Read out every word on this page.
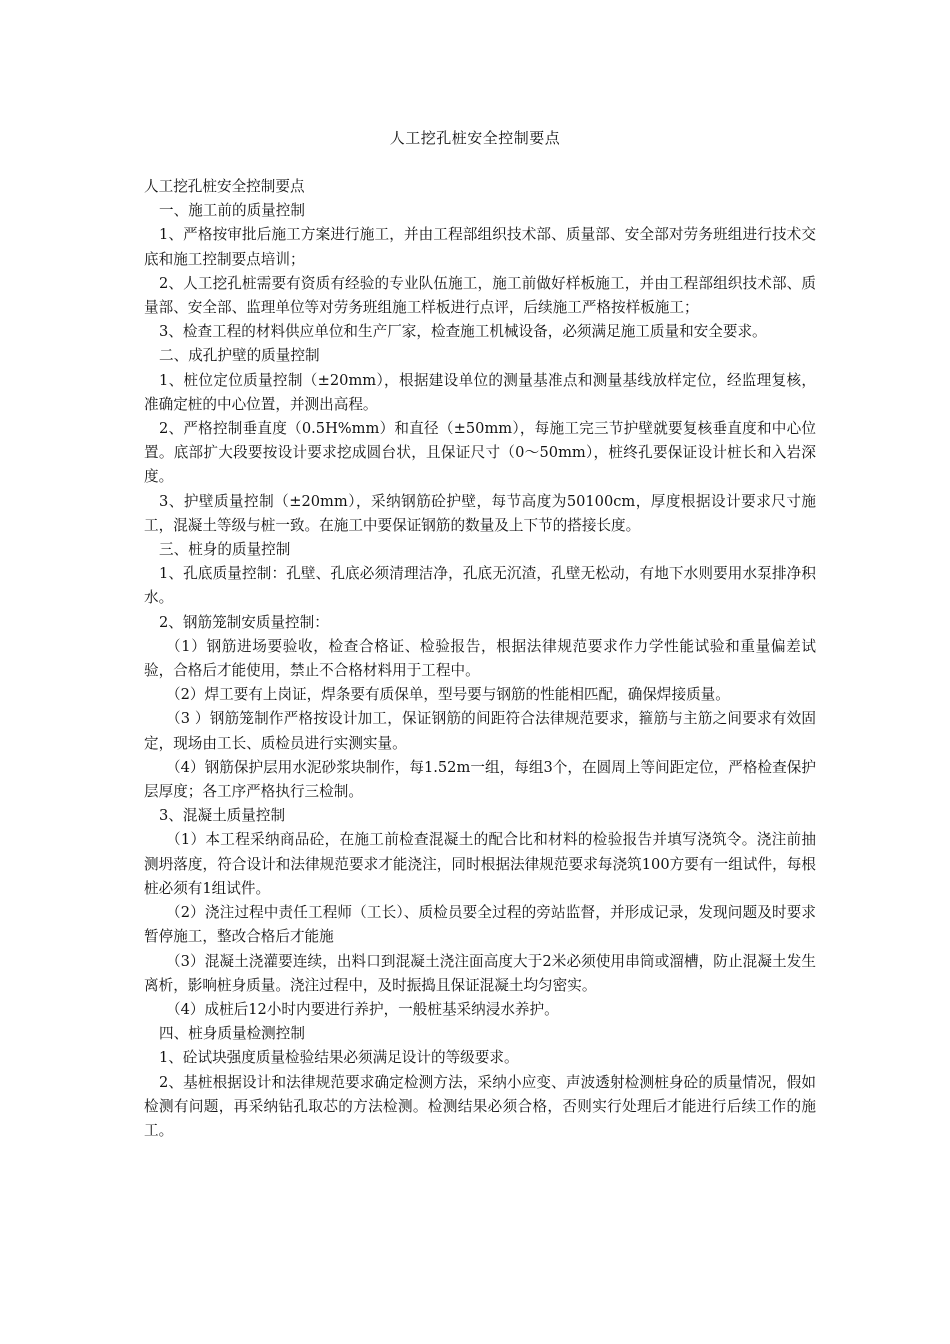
人工挖孔桩安全控制要点

人工挖孔桩安全控制要点

一、施工前的质量控制

1、严格按审批后施工方案进行施工，并由工程部组织技术部、质量部、安全部对劳务班组进行技术交底和施工控制要点培训；

2、人工挖孔桩需要有资质有经验的专业队伍施工，施工前做好样板施工，并由工程部组织技术部、质量部、安全部、监理单位等对劳务班组施工样板进行点评，后续施工严格按样板施工；

3、检查工程的材料供应单位和生产厂家，检查施工机械设备，必须满足施工质量和安全要求。

二、成孔护壁的质量控制

1、桩位定位质量控制（±20mm），根据建设单位的测量基准点和测量基线放样定位，经监理复核，准确定桩的中心位置，并测出高程。

2、严格控制垂直度（0.5H%mm）和直径（±50mm），每施工完三节护壁就要复核垂直度和中心位置。底部扩大段要按设计要求挖成圆台状，且保证尺寸（0～50mm），桩终孔要保证设计桩长和入岩深度。

3、护壁质量控制（±20mm），采纳钢筋砼护壁，每节高度为50100cm，厚度根据设计要求尺寸施工，混凝土等级与桩一致。在施工中要保证钢筋的数量及上下节的搭接长度。

三、桩身的质量控制

1、孔底质量控制：孔壁、孔底必须清理洁净，孔底无沉渣，孔壁无松动，有地下水则要用水泵排净积水。

2、钢筋笼制安质量控制：

（1）钢筋进场要验收，检查合格证、检验报告，根据法律规范要求作力学性能试验和重量偏差试验，合格后才能使用，禁止不合格材料用于工程中。

（2）焊工要有上岗证，焊条要有质保单，型号要与钢筋的性能相匹配，确保焊接质量。

（3 ）钢筋笼制作严格按设计加工，保证钢筋的间距符合法律规范要求，箍筋与主筋之间要求有效固定，现场由工长、质检员进行实测实量。

（4）钢筋保护层用水泥砂浆块制作，每1.52m一组，每组3个，在圆周上等间距定位，严格检查保护层厚度；各工序严格执行三检制。

3、混凝土质量控制

（1）本工程采纳商品砼，在施工前检查混凝土的配合比和材料的检验报告并填写浇筑令。浇注前抽测坍落度，符合设计和法律规范要求才能浇注，同时根据法律规范要求每浇筑100方要有一组试件，每根桩必须有1组试件。

（2）浇注过程中责任工程师（工长）、质检员要全过程的旁站监督，并形成记录，发现问题及时要求暂停施工，整改合格后才能施

（3）混凝土浇灌要连续，出料口到混凝土浇注面高度大于2米必须使用串筒或溜槽，防止混凝土发生离析，影响桩身质量。浇注过程中，及时振捣且保证混凝土均匀密实。

（4）成桩后12小时内要进行养护，一般桩基采纳浸水养护。

四、桩身质量检测控制

1、砼试块强度质量检验结果必须满足设计的等级要求。

2、基桩根据设计和法律规范要求确定检测方法，采纳小应变、声波透射检测桩身砼的质量情况，假如检测有问题，再采纳钻孔取芯的方法检测。检测结果必须合格，否则实行处理后才能进行后续工作的施工。
